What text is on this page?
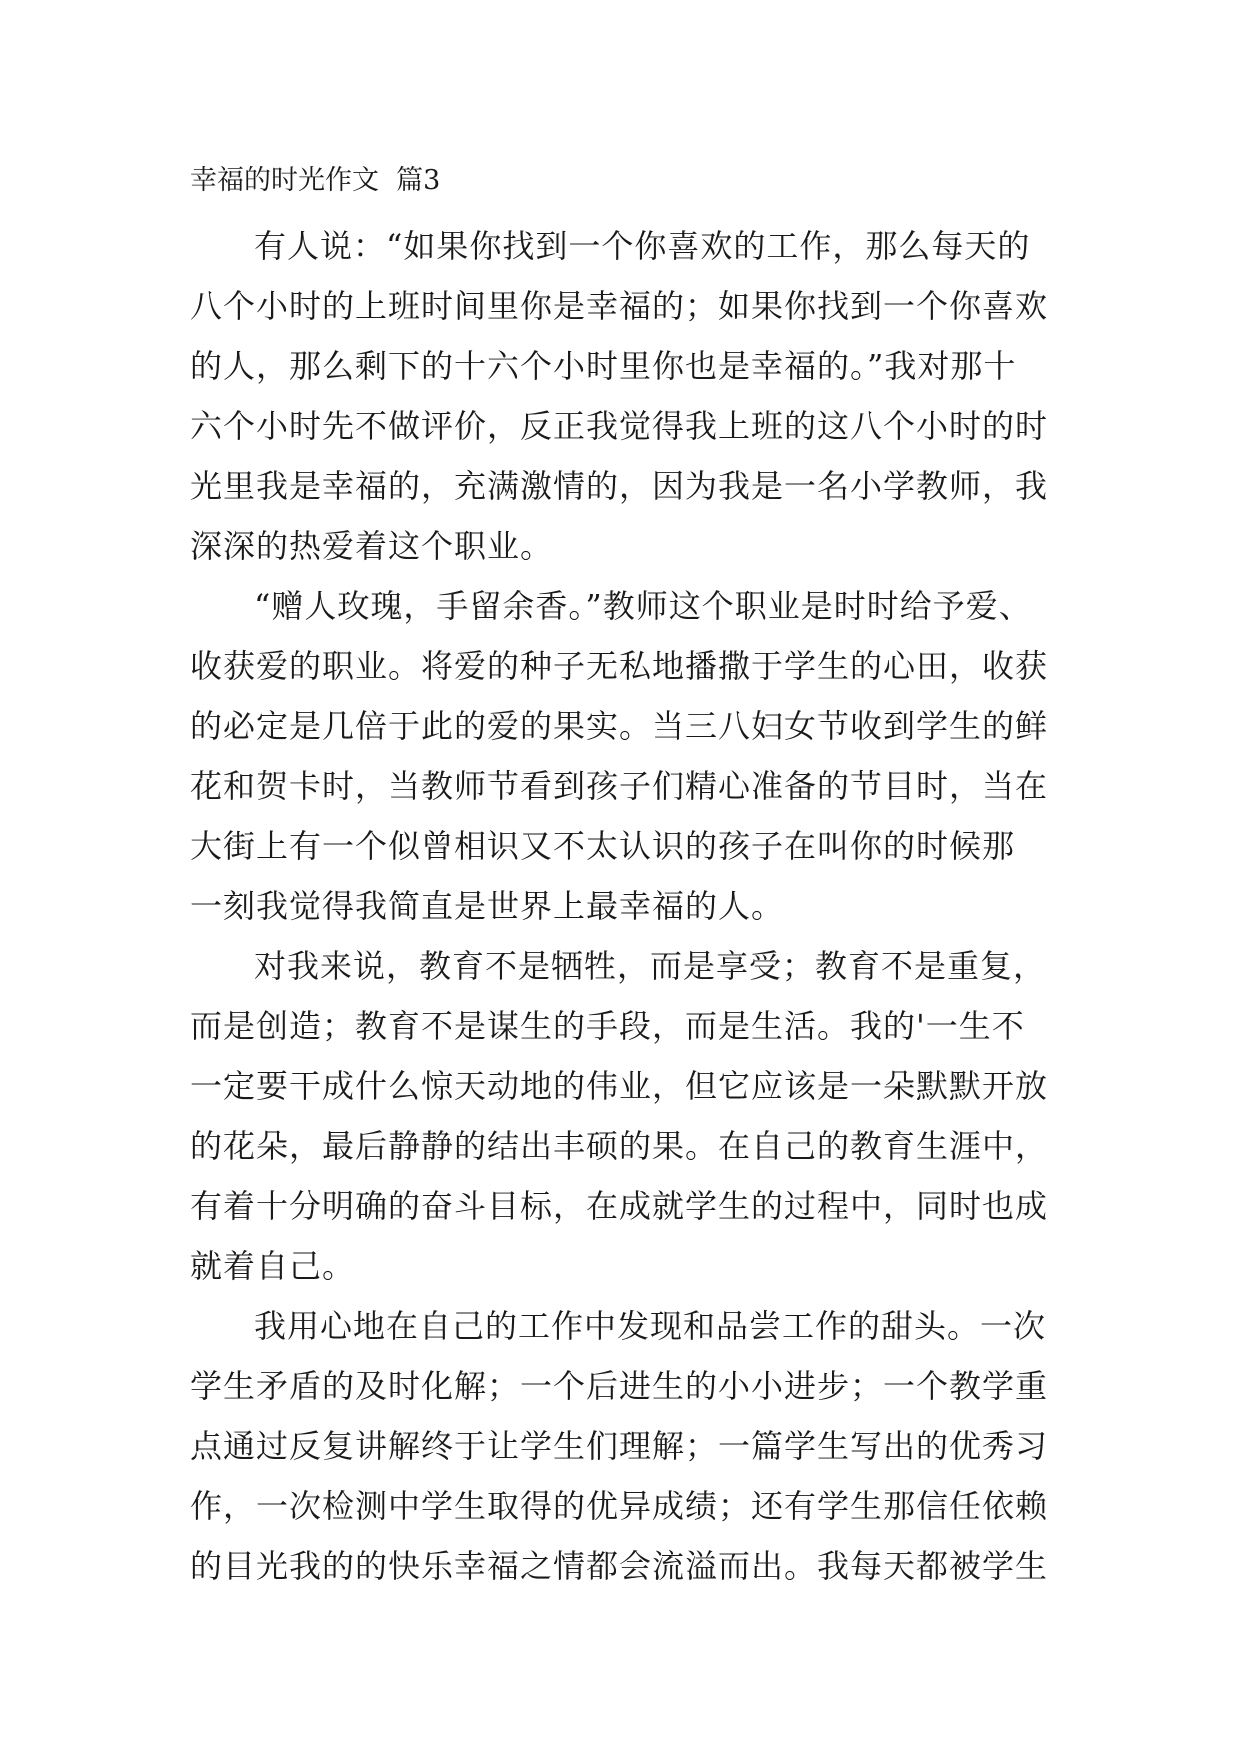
幸福的时光作文  篇3

有人说：“如果你找到一个你喜欢的工作，那么每天的
八个小时的上班时间里你是幸福的；如果你找到一个你喜欢
的人，那么剩下的十六个小时里你也是幸福的。”我对那十
六个小时先不做评价，反正我觉得我上班的这八个小时的时
光里我是幸福的，充满激情的，因为我是一名小学教师，我
深深的热爱着这个职业。

“赠人玫瑰，手留余香。”教师这个职业是时时给予爱、
收获爱的职业。将爱的种子无私地播撒于学生的心田，收获
的必定是几倍于此的爱的果实。当三八妇女节收到学生的鲜
花和贺卡时，当教师节看到孩子们精心准备的节目时，当在
大街上有一个似曾相识又不太认识的孩子在叫你的时候那
一刻我觉得我简直是世界上最幸福的人。

对我来说，教育不是牺牲，而是享受；教育不是重复，
而是创造；教育不是谋生的手段，而是生活。我的'一生不
一定要干成什么惊天动地的伟业，但它应该是一朵默默开放
的花朵，最后静静的结出丰硕的果。在自己的教育生涯中，
有着十分明确的奋斗目标，在成就学生的过程中，同时也成
就着自己。

我用心地在自己的工作中发现和品尝工作的甜头。一次
学生矛盾的及时化解；一个后进生的小小进步；一个教学重
点通过反复讲解终于让学生们理解；一篇学生写出的优秀习
作，一次检测中学生取得的优异成绩；还有学生那信任依赖
的目光我的的快乐幸福之情都会流溢而出。我每天都被学生
